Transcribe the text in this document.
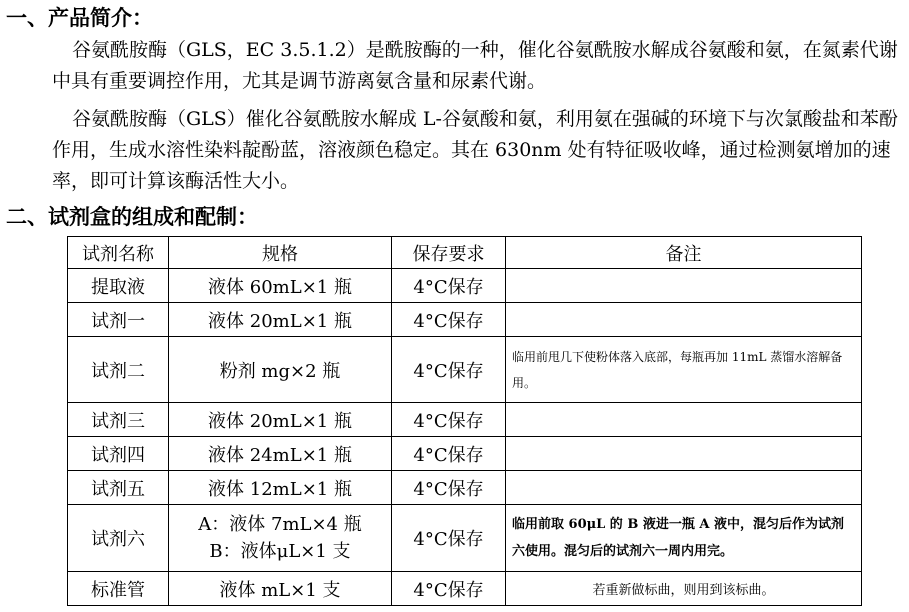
一、产品简介：
谷氨酰胺酶（GLS，EC 3.5.1.2）是酰胺酶的一种，催化谷氨酰胺水解成谷氨酸和氨，在氮素代谢中具有重要调控作用，尤其是调节游离氨含量和尿素代谢。
谷氨酰胺酶（GLS）催化谷氨酰胺水解成 L-谷氨酸和氨，利用氨在强碱的环境下与次氯酸盐和苯酚作用，生成水溶性染料靛酚蓝，溶液颜色稳定。其在 630nm 处有特征吸收峰，通过检测氨增加的速率，即可计算该酶活性大小。
二、试剂盒的组成和配制：
试剂名称	规格	保存要求	备注
提取液	液体 60mL×1 瓶	4°C保存	
试剂一	液体 20mL×1 瓶	4°C保存	
试剂二	粉剂 mg×2 瓶	4°C保存	临用前甩几下使粉体落入底部，每瓶再加 11mL 蒸馏水溶解备用。
试剂三	液体 20mL×1 瓶	4°C保存	
试剂四	液体 24mL×1 瓶	4°C保存	
试剂五	液体 12mL×1 瓶	4°C保存	
试剂六	A：液体 7mL×4 瓶
B：液体μL×1 支	4°C保存	临用前取 60μL 的 B 液进一瓶 A 液中，混匀后作为试剂六使用。混匀后的试剂六一周内用完。
标准管	液体 mL×1 支	4°C保存	若重新做标曲，则用到该标曲。
